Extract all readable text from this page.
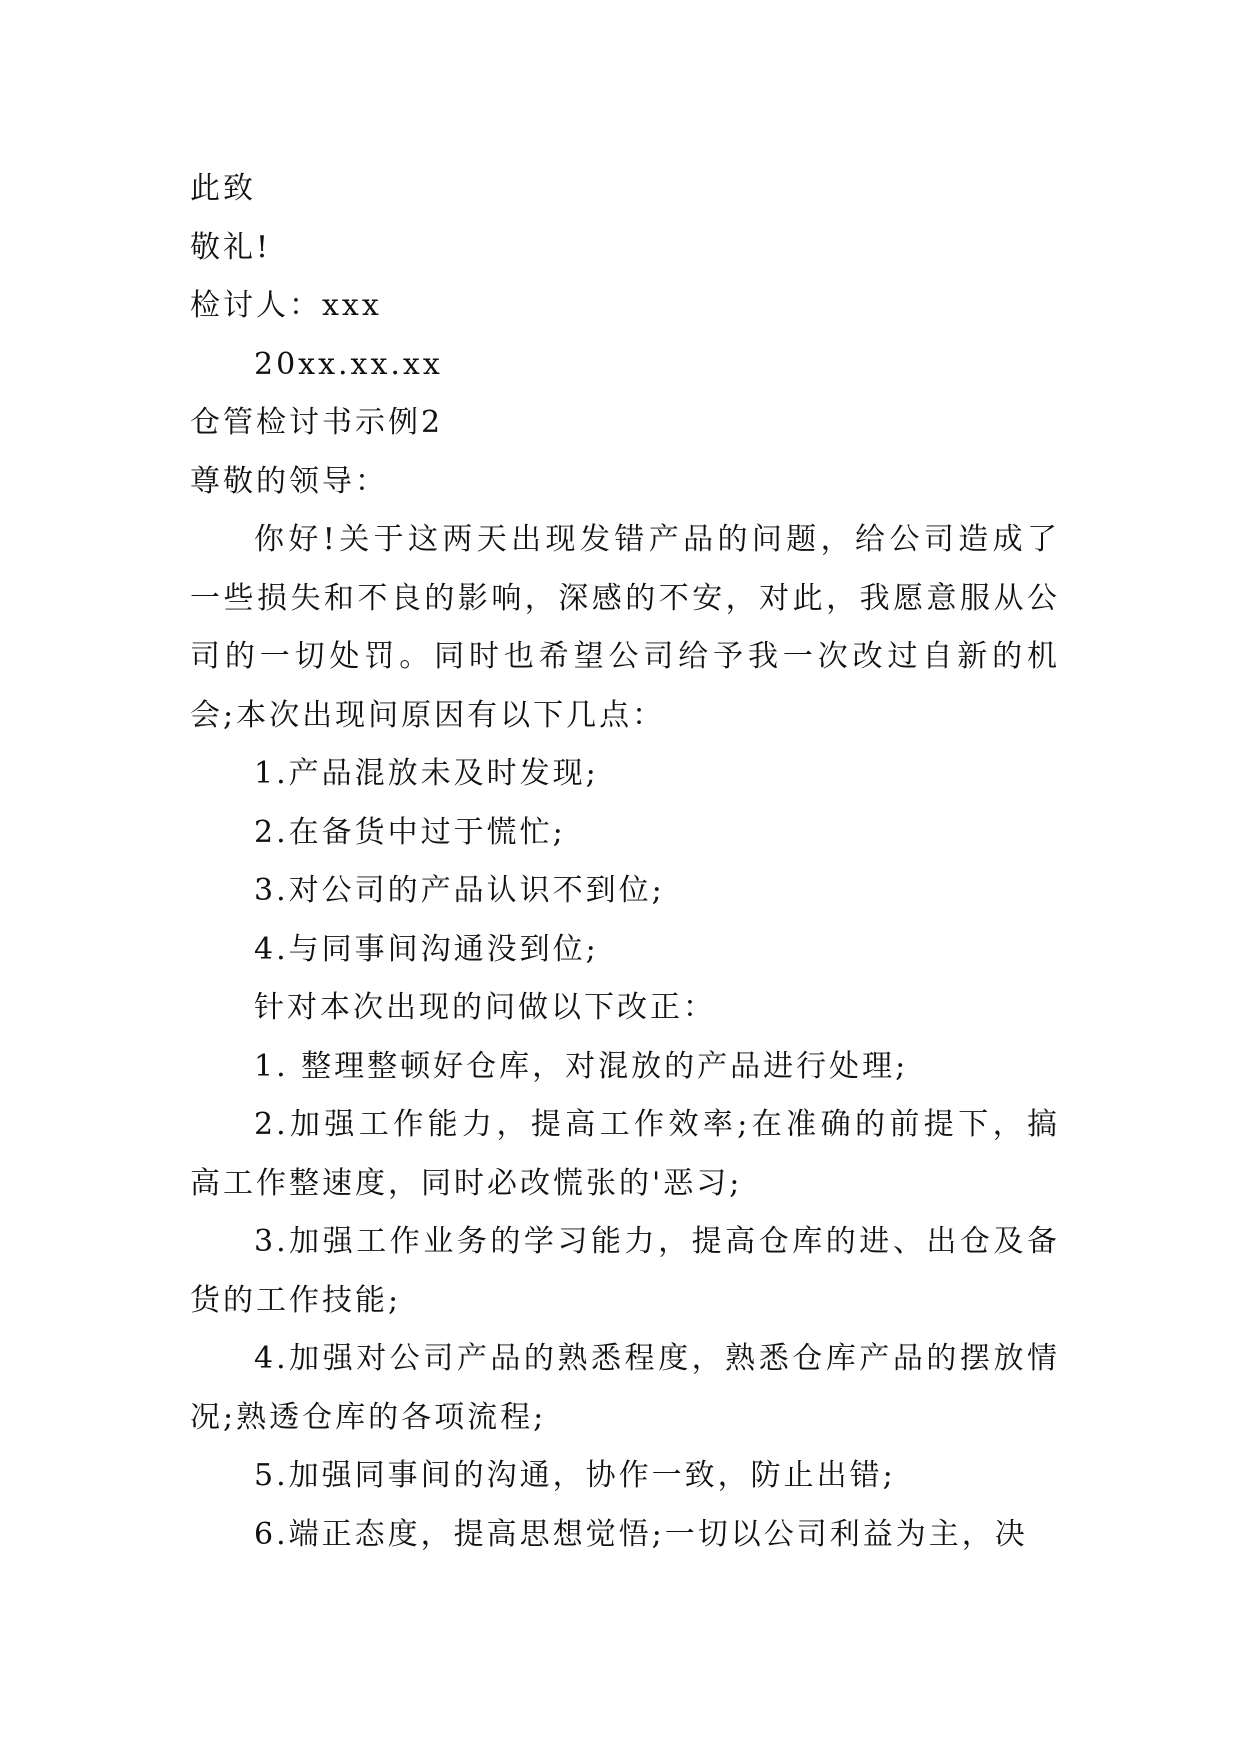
此致

敬礼!

检讨人：xxx

20xx.xx.xx

仓管检讨书示例2

尊敬的领导：

你好!关于这两天出现发错产品的问题，给公司造成了一些损失和不良的影响，深感的不安，对此，我愿意服从公司的一切处罚。同时也希望公司给予我一次改过自新的机会;本次出现问原因有以下几点：

1.产品混放未及时发现;

2.在备货中过于慌忙;

3.对公司的产品认识不到位;

4.与同事间沟通没到位;

针对本次出现的问做以下改正：

1. 整理整顿好仓库，对混放的产品进行处理;

2.加强工作能力，提高工作效率;在准确的前提下，搞高工作整速度，同时必改慌张的'恶习;

3.加强工作业务的学习能力，提高仓库的进、出仓及备货的工作技能;

4.加强对公司产品的熟悉程度，熟悉仓库产品的摆放情况;熟透仓库的各项流程;

5.加强同事间的沟通，协作一致，防止出错;

6.端正态度，提高思想觉悟;一切以公司利益为主，决
